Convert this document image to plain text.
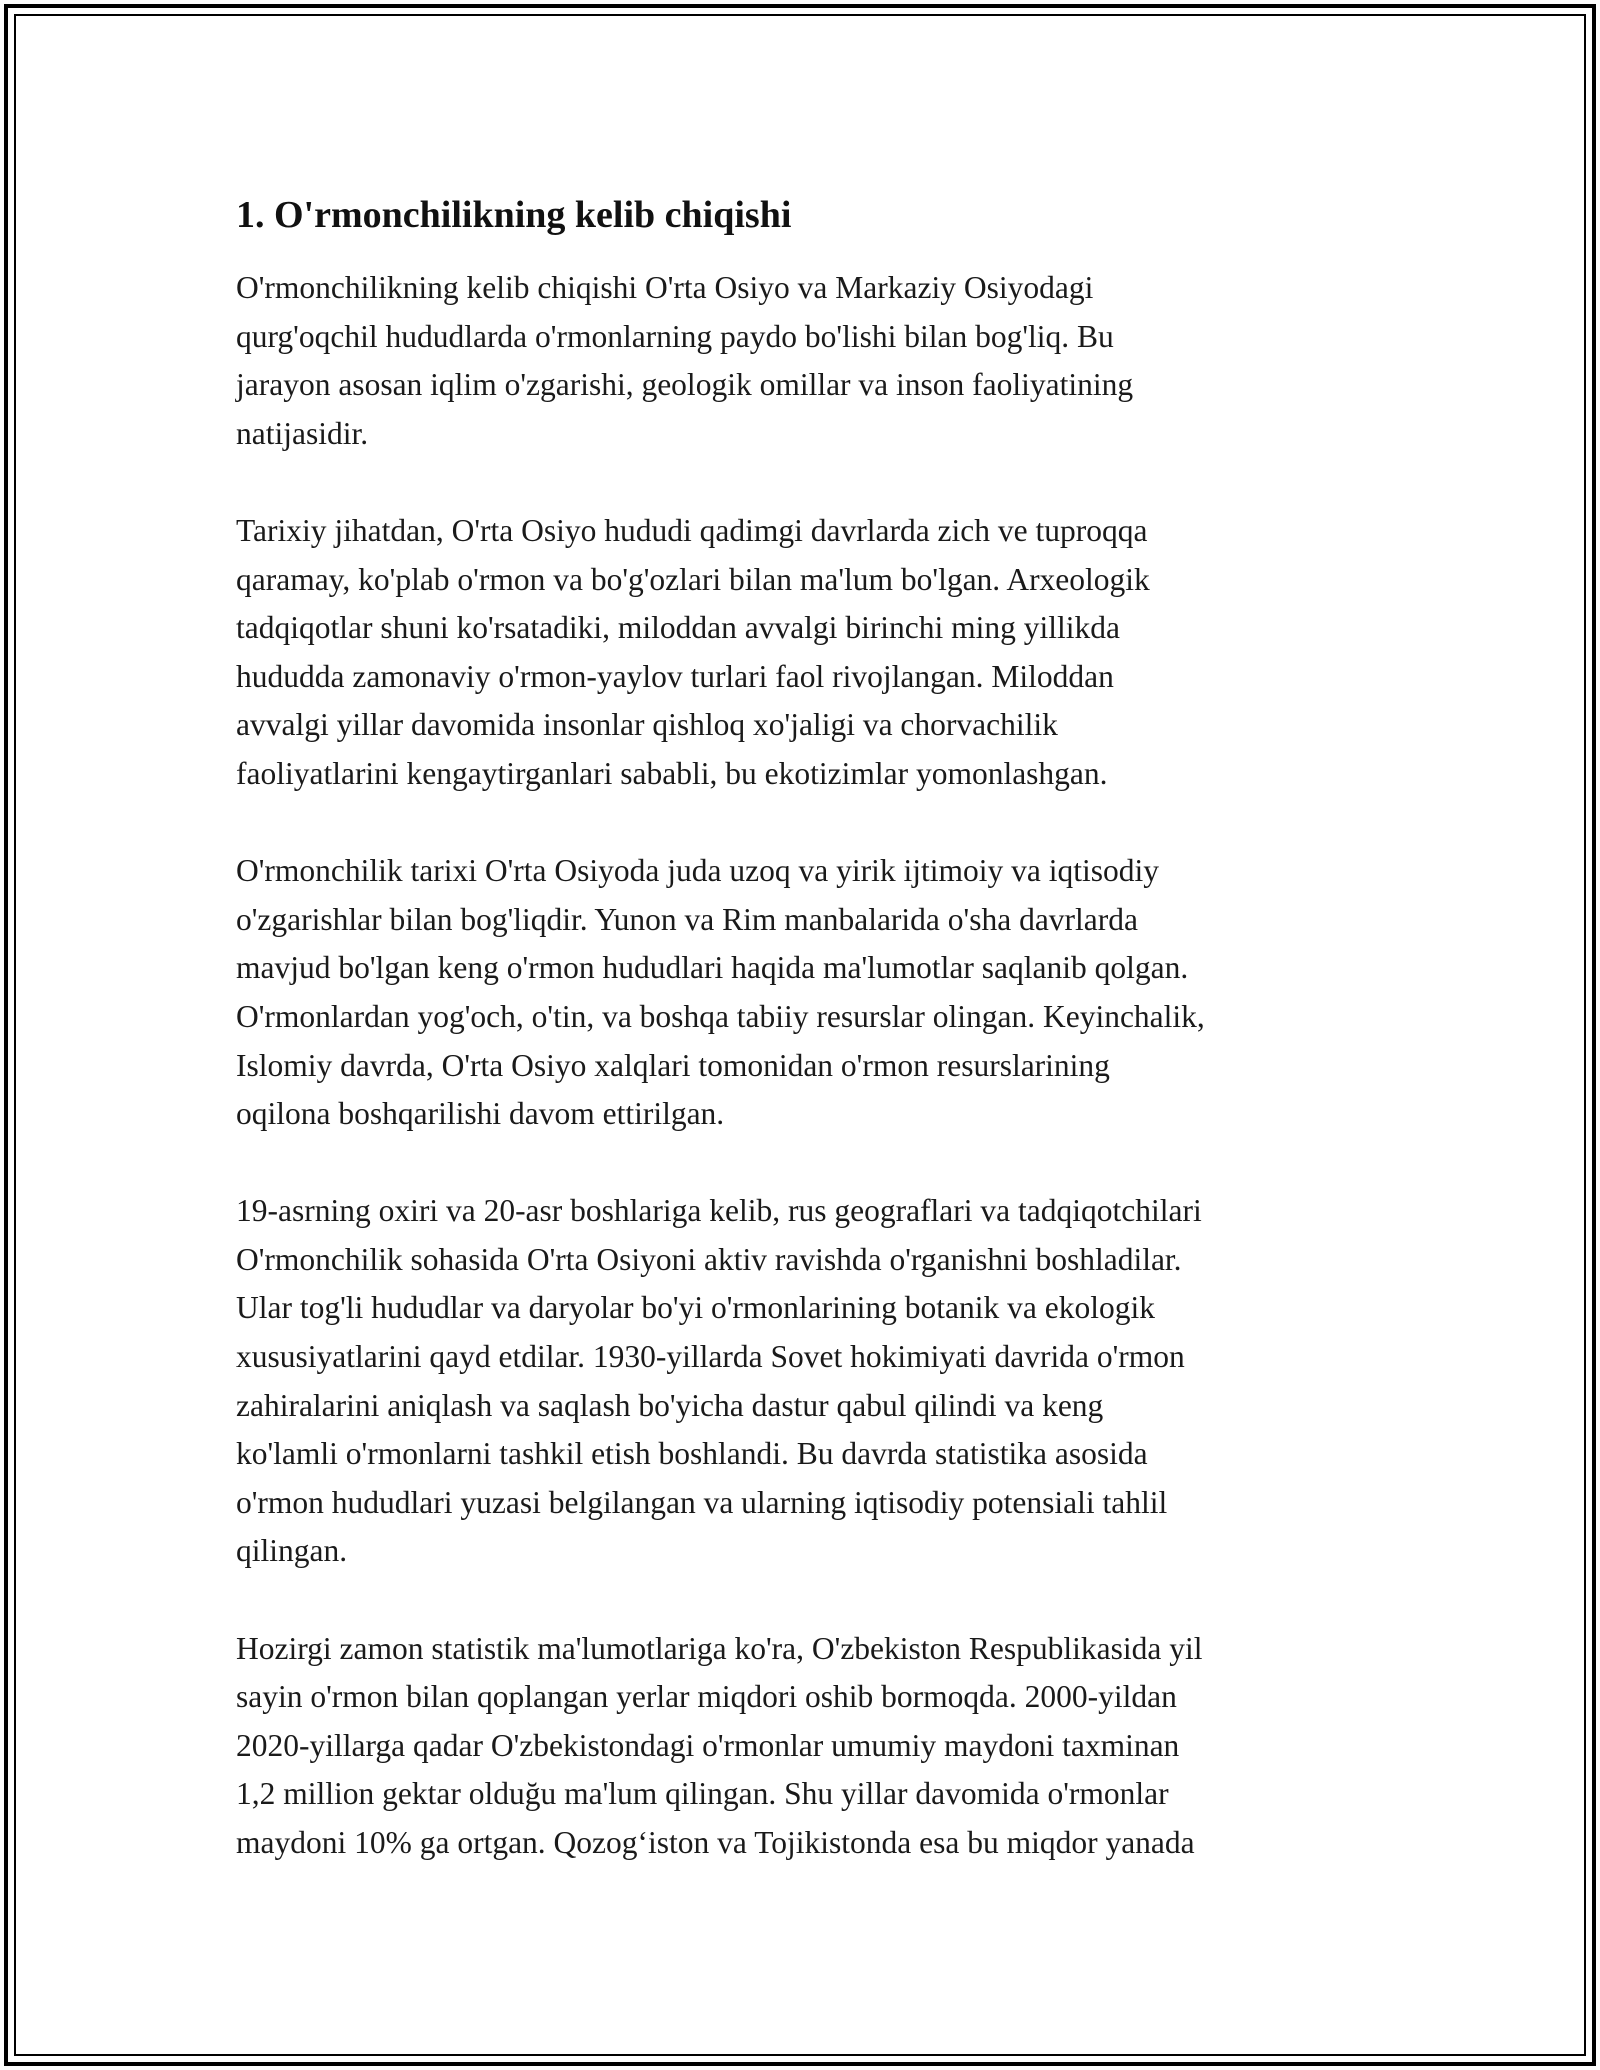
1. O'rmonchilikning kelib chiqishi

O'rmonchilikning kelib chiqishi O'rta Osiyo va Markaziy Osiyodagi
qurg'oqchil hududlarda o'rmonlarning paydo bo'lishi bilan bog'liq. Bu
jarayon asosan iqlim o'zgarishi, geologik omillar va inson faoliyatining
natijasidir.

Tarixiy jihatdan, O'rta Osiyo hududi qadimgi davrlarda zich ve tuproqqa
qaramay, ko'plab o'rmon va bo'g'ozlari bilan ma'lum bo'lgan. Arxeologik
tadqiqotlar shuni ko'rsatadiki, miloddan avvalgi birinchi ming yillikda
hududda zamonaviy o'rmon-yaylov turlari faol rivojlangan. Miloddan
avvalgi yillar davomida insonlar qishloq xo'jaligi va chorvachilik
faoliyatlarini kengaytirganlari sababli, bu ekotizimlar yomonlashgan.

O'rmonchilik tarixi O'rta Osiyoda juda uzoq va yirik ijtimoiy va iqtisodiy
o'zgarishlar bilan bog'liqdir. Yunon va Rim manbalarida o'sha davrlarda
mavjud bo'lgan keng o'rmon hududlari haqida ma'lumotlar saqlanib qolgan.
O'rmonlardan yog'och, o'tin, va boshqa tabiiy resurslar olingan. Keyinchalik,
Islomiy davrda, O'rta Osiyo xalqlari tomonidan o'rmon resurslarining
oqilona boshqarilishi davom ettirilgan.

19-asrning oxiri va 20-asr boshlariga kelib, rus geograflari va tadqiqotchilari
O'rmonchilik sohasida O'rta Osiyoni aktiv ravishda o'rganishni boshladilar.
Ular tog'li hududlar va daryolar bo'yi o'rmonlarining botanik va ekologik
xususiyatlarini qayd etdilar. 1930-yillarda Sovet hokimiyati davrida o'rmon
zahiralarini aniqlash va saqlash bo'yicha dastur qabul qilindi va keng
ko'lamli o'rmonlarni tashkil etish boshlandi. Bu davrda statistika asosida
o'rmon hududlari yuzasi belgilangan va ularning iqtisodiy potensiali tahlil
qilingan.

Hozirgi zamon statistik ma'lumotlariga ko'ra, O'zbekiston Respublikasida yil
sayin o'rmon bilan qoplangan yerlar miqdori oshib bormoqda. 2000-yildan
2020-yillarga qadar O'zbekistondagi o'rmonlar umumiy maydoni taxminan
1,2 million gektar olduğu ma'lum qilingan. Shu yillar davomida o'rmonlar
maydoni 10% ga ortgan. Qozog‘iston va Tojikistonda esa bu miqdor yanada
